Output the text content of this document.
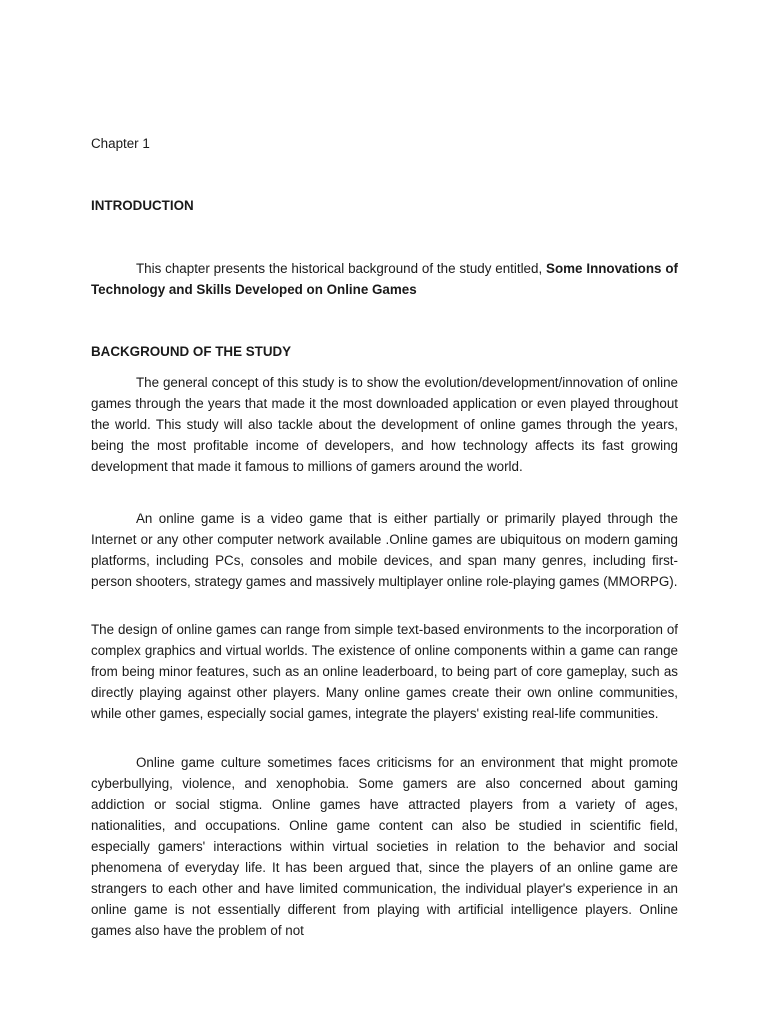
Chapter 1
INTRODUCTION

This chapter presents the historical background of the study entitled, Some Innovations of Technology and Skills Developed on Online Games

BACKGROUND OF THE STUDY

The general concept of this study is to show the evolution/development/innovation of online games through the years that made it the most downloaded application or even played throughout the world. This study will also tackle about the development of online games through the years, being the most profitable income of developers, and how technology affects its fast growing development that made it famous to millions of gamers around the world.

An online game is a video game that is either partially or primarily played through the Internet or any other computer network available .Online games are ubiquitous on modern gaming platforms, including PCs, consoles and mobile devices, and span many genres, including first-person shooters, strategy games and massively multiplayer online role-playing games (MMORPG).

The design of online games can range from simple text-based environments to the incorporation of complex graphics and virtual worlds. The existence of online components within a game can range from being minor features, such as an online leaderboard, to being part of core gameplay, such as directly playing against other players. Many online games create their own online communities, while other games, especially social games, integrate the players' existing real-life communities.

Online game culture sometimes faces criticisms for an environment that might promote cyberbullying, violence, and xenophobia. Some gamers are also concerned about gaming addiction or social stigma. Online games have attracted players from a variety of ages, nationalities, and occupations. Online game content can also be studied in scientific field, especially gamers' interactions within virtual societies in relation to the behavior and social phenomena of everyday life. It has been argued that, since the players of an online game are strangers to each other and have limited communication, the individual player's experience in an online game is not essentially different from playing with artificial intelligence players. Online games also have the problem of not
